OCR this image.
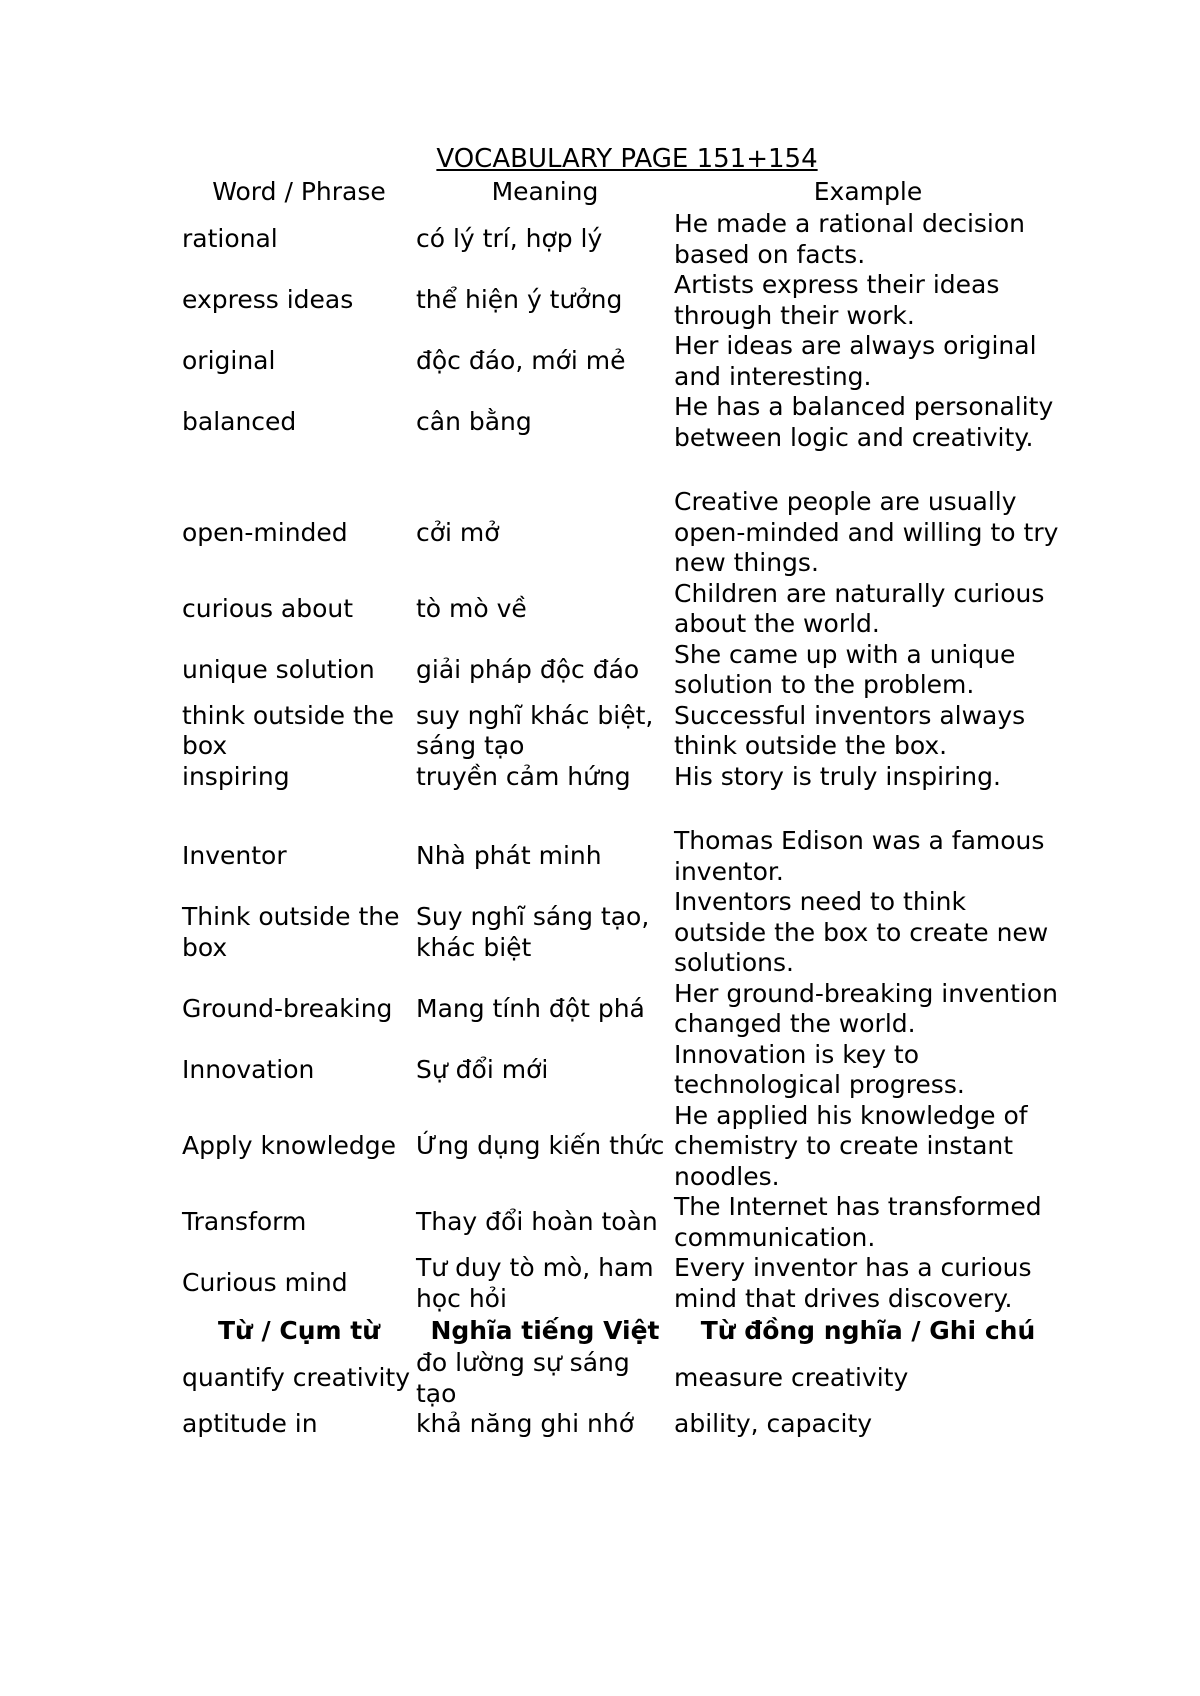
VOCABULARY PAGE 151+154
Word / Phrase	Meaning	Example
rational	có lý trí, hợp lý	He made a rational decision based on facts.
express ideas	thể hiện ý tưởng	Artists express their ideas through their work.
original	độc đáo, mới mẻ	Her ideas are always original and interesting.
balanced	cân bằng	He has a balanced personality between logic and creativity.
open-minded	cởi mở	Creative people are usually open-minded and willing to try new things.
curious about	tò mò về	Children are naturally curious about the world.
unique solution	giải pháp độc đáo	She came up with a unique solution to the problem.
think outside the box	suy nghĩ khác biệt, sáng tạo	Successful inventors always think outside the box.
inspiring	truyền cảm hứng	His story is truly inspiring.
Inventor	Nhà phát minh	Thomas Edison was a famous inventor.
Think outside the box	Suy nghĩ sáng tạo, khác biệt	Inventors need to think outside the box to create new solutions.
Ground-breaking	Mang tính đột phá	Her ground-breaking invention changed the world.
Innovation	Sự đổi mới	Innovation is key to technological progress.
Apply knowledge	Ứng dụng kiến thức	He applied his knowledge of chemistry to create instant noodles.
Transform	Thay đổi hoàn toàn	The Internet has transformed communication.
Curious mind	Tư duy tò mò, ham học hỏi	Every inventor has a curious mind that drives discovery.
Từ / Cụm từ	Nghĩa tiếng Việt	Từ đồng nghĩa / Ghi chú
quantify creativity	đo lường sự sáng tạo	measure creativity
aptitude in	khả năng ghi nhớ	ability, capacity
